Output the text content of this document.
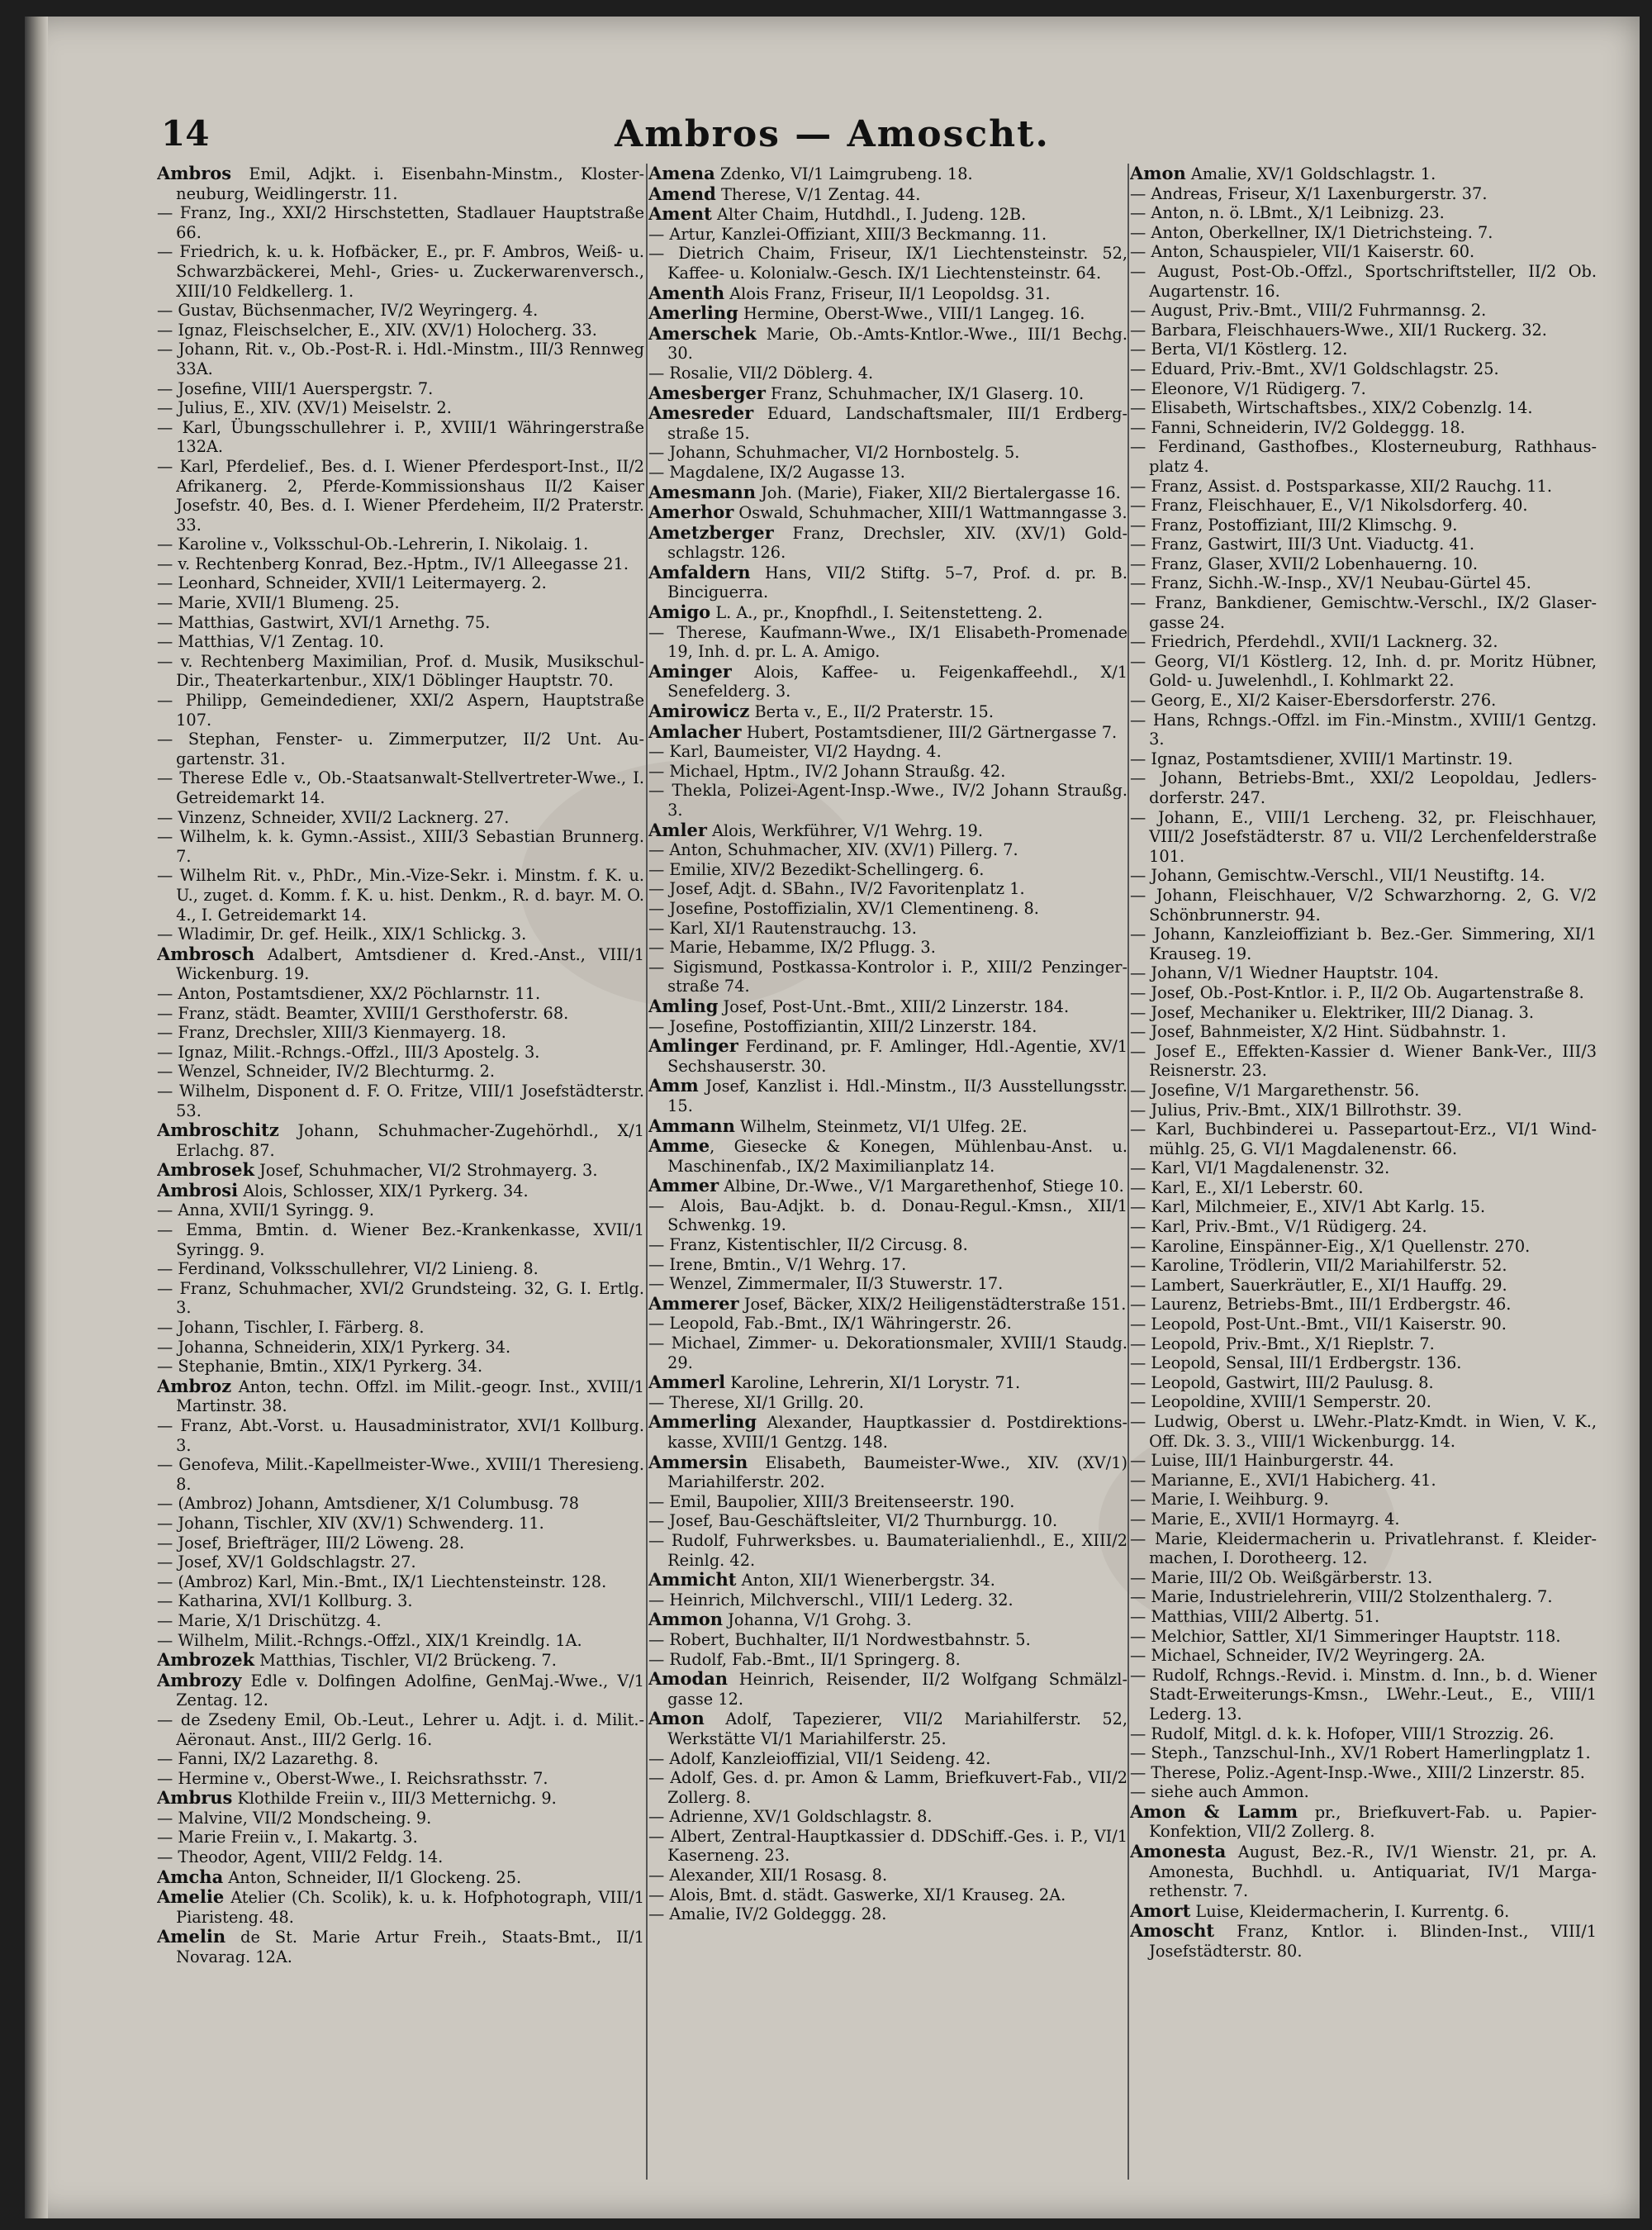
14	Ambros — Amoscht.
Ambros Emil, Adjkt. i. Eisenbahn-Minstm., Klosterneuburg, Weidlingerstr. 11.
— Franz, Ing., XXI/2 Hirschstetten, Stadlauer Hauptstraße 66.
— Friedrich, k. u. k. Hofbäcker, E., pr. F. Ambros, Weiß- u. Schwarzbäckerei, Mehl-, Gries- u. Zuckerwarenversch., XIII/10 Feldkellerg. 1.
— Gustav, Büchsenmacher, IV/2 Weyringerg. 4.
— Ignaz, Fleischselcher, E., XIV. (XV/1) Holocherg. 33.
— Johann, Rit. v., Ob.-Post-R. i. Hdl.-Minstm., III/3 Rennweg 33A.
— Josefine, VIII/1 Auerspergstr. 7.
— Julius, E., XIV. (XV/1) Meiselstr. 2.
— Karl, Übungsschullehrer i. P., XVIII/1 Währingerstraße 132A.
— Karl, Pferdelief., Bes. d. I. Wiener Pferdesport-Inst., II/2 Afrikanerg. 2, Pferde-Kommissionshaus II/2 Kaiser Josefstr. 40, Bes. d. I. Wiener Pferdeheim, II/2 Praterstr. 33.
— Karoline v., Volksschul-Ob.-Lehrerin, I. Nikolaig. 1.
— v. Rechtenberg Konrad, Bez.-Hptm., IV/1 Alleegasse 21.
— Leonhard, Schneider, XVII/1 Leitermayerg. 2.
— Marie, XVII/1 Blumeng. 25.
— Matthias, Gastwirt, XVI/1 Arnethg. 75.
— Matthias, V/1 Zentag. 10.
— v. Rechtenberg Maximilian, Prof. d. Musik, Musikschul-Dir., Theaterkartenbur., XIX/1 Döblinger Hauptstr. 70.
— Philipp, Gemeindediener, XXI/2 Aspern, Hauptstraße 107.
— Stephan, Fenster- u. Zimmerputzer, II/2 Unt. Augartenstr. 31.
— Therese Edle v., Ob.-Staatsanwalt-Stellvertreter-Wwe., I. Getreidemarkt 14.
— Vinzenz, Schneider, XVII/2 Lacknerg. 27.
— Wilhelm, k. k. Gymn.-Assist., XIII/3 Sebastian Brunnerg. 7.
— Wilhelm Rit. v., PhDr., Min.-Vize-Sekr. i. Minstm. f. K. u. U., zuget. d. Komm. f. K. u. hist. Denkm., R. d. bayr. M. O. 4., I. Getreidemarkt 14.
— Wladimir, Dr. gef. Heilk., XIX/1 Schlickg. 3.
Ambrosch Adalbert, Amtsdiener d. Kred.-Anst., VIII/1 Wickenburg. 19.
— Anton, Postamtsdiener, XX/2 Pöchlarnstr. 11.
— Franz, städt. Beamter, XVIII/1 Gersthoferstr. 68.
— Franz, Drechsler, XIII/3 Kienmayerg. 18.
— Ignaz, Milit.-Rchngs.-Offzl., III/3 Apostelg. 3.
— Wenzel, Schneider, IV/2 Blechturmg. 2.
— Wilhelm, Disponent d. F. O. Fritze, VIII/1 Josefstädterstr. 53.
Ambroschitz Johann, Schuhmacher-Zugehörhdl., X/1 Erlachg. 87.
Ambrosek Josef, Schuhmacher, VI/2 Strohmayerg. 3.
Ambrosi Alois, Schlosser, XIX/1 Pyrkerg. 34.
— Anna, XVII/1 Syringg. 9.
— Emma, Bmtin. d. Wiener Bez.-Krankenkasse, XVII/1 Syringg. 9.
— Ferdinand, Volksschullehrer, VI/2 Linieng. 8.
— Franz, Schuhmacher, XVI/2 Grundsteing. 32, G. I. Ertlg. 3.
— Johann, Tischler, I. Färberg. 8.
— Johanna, Schneiderin, XIX/1 Pyrkerg. 34.
— Stephanie, Bmtin., XIX/1 Pyrkerg. 34.
Ambroz Anton, techn. Offzl. im Milit.-geogr. Inst., XVIII/1 Martinstr. 38.
— Franz, Abt.-Vorst. u. Hausadministrator, XVI/1 Kollburg. 3.
— Genofeva, Milit.-Kapellmeister-Wwe., XVIII/1 Theresieng. 8.
— (Ambroz) Johann, Amtsdiener, X/1 Columbusg. 78
— Johann, Tischler, XIV (XV/1) Schwenderg. 11.
— Josef, Briefträger, III/2 Löweng. 28.
— Josef, XV/1 Goldschlagstr. 27.
— (Ambroz) Karl, Min.-Bmt., IX/1 Liechtensteinstr. 128.
— Katharina, XVI/1 Kollburg. 3.
— Marie, X/1 Drischützg. 4.
— Wilhelm, Milit.-Rchngs.-Offzl., XIX/1 Kreindlg. 1A.
Ambrozek Matthias, Tischler, VI/2 Brückeng. 7.
Ambrozy Edle v. Dolfingen Adolfine, GenMaj.-Wwe., V/1 Zentag. 12.
— de Zsedeny Emil, Ob.-Leut., Lehrer u. Adjt. i. d. Milit.-Aëronaut. Anst., III/2 Gerlg. 16.
— Fanni, IX/2 Lazarethg. 8.
— Hermine v., Oberst-Wwe., I. Reichsrathsstr. 7.
Ambrus Klothilde Freiin v., III/3 Metternichg. 9.
— Malvine, VII/2 Mondscheing. 9.
— Marie Freiin v., I. Makartg. 3.
— Theodor, Agent, VIII/2 Feldg. 14.
Amcha Anton, Schneider, II/1 Glockeng. 25.
Amelie Atelier (Ch. Scolik), k. u. k. Hofphotograph, VIII/1 Piaristeng. 48.
Amelin de St. Marie Artur Freih., Staats-Bmt., II/1 Novarag. 12A.
Amena Zdenko, VI/1 Laimgrubeng. 18.
Amend Therese, V/1 Zentag. 44.
Ament Alter Chaim, Hutdhdl., I. Judeng. 12B.
— Artur, Kanzlei-Offiziant, XIII/3 Beckmanng. 11.
— Dietrich Chaim, Friseur, IX/1 Liechtensteinstr. 52, Kaffee- u. Kolonialw.-Gesch. IX/1 Liechtensteinstr. 64.
Amenth Alois Franz, Friseur, II/1 Leopoldsg. 31.
Amerling Hermine, Oberst-Wwe., VIII/1 Langeg. 16.
Amerschek Marie, Ob.-Amts-Kntlor.-Wwe., III/1 Bechg. 30.
— Rosalie, VII/2 Döblerg. 4.
Amesberger Franz, Schuhmacher, IX/1 Glaserg. 10.
Amesreder Eduard, Landschaftsmaler, III/1 Erdbergstraße 15.
— Johann, Schuhmacher, VI/2 Hornbostelg. 5.
— Magdalene, IX/2 Augasse 13.
Amesmann Joh. (Marie), Fiaker, XII/2 Biertalergasse 16.
Amerhor Oswald, Schuhmacher, XIII/1 Wattmanngasse 3.
Ametzberger Franz, Drechsler, XIV. (XV/1) Goldschlagstr. 126.
Amfaldern Hans, VII/2 Stiftg. 5–7, Prof. d. pr. B. Binciguerra.
Amigo L. A., pr., Knopfhdl., I. Seitenstetteng. 2.
— Therese, Kaufmann-Wwe., IX/1 Elisabeth-Promenade 19, Inh. d. pr. L. A. Amigo.
Aminger Alois, Kaffee- u. Feigenkaffeehdl., X/1 Senefelderg. 3.
Amirowicz Berta v., E., II/2 Praterstr. 15.
Amlacher Hubert, Postamtsdiener, III/2 Gärtnergasse 7.
— Karl, Baumeister, VI/2 Haydng. 4.
— Michael, Hptm., IV/2 Johann Straußg. 42.
— Thekla, Polizei-Agent-Insp.-Wwe., IV/2 Johann Straußg. 3.
Amler Alois, Werkführer, V/1 Wehrg. 19.
— Anton, Schuhmacher, XIV. (XV/1) Pillerg. 7.
— Emilie, XIV/2 Bezedikt-Schellingerg. 6.
— Josef, Adjt. d. SBahn., IV/2 Favoritenplatz 1.
— Josefine, Postoffizialin, XV/1 Clementineng. 8.
— Karl, XI/1 Rautenstrauchg. 13.
— Marie, Hebamme, IX/2 Pflugg. 3.
— Sigismund, Postkassa-Kontrolor i. P., XIII/2 Penzingerstraße 74.
Amling Josef, Post-Unt.-Bmt., XIII/2 Linzerstr. 184.
— Josefine, Postoffiziantin, XIII/2 Linzerstr. 184.
Amlinger Ferdinand, pr. F. Amlinger, Hdl.-Agentie, XV/1 Sechshauserstr. 30.
Amm Josef, Kanzlist i. Hdl.-Minstm., II/3 Ausstellungsstr. 15.
Ammann Wilhelm, Steinmetz, VI/1 Ulfeg. 2E.
Amme, Giesecke & Konegen, Mühlenbau-Anst. u. Maschinenfab., IX/2 Maximilianplatz 14.
Ammer Albine, Dr.-Wwe., V/1 Margarethenhof, Stiege 10.
— Alois, Bau-Adjkt. b. d. Donau-Regul.-Kmsn., XII/1 Schwenkg. 19.
— Franz, Kistentischler, II/2 Circusg. 8.
— Irene, Bmtin., V/1 Wehrg. 17.
— Wenzel, Zimmermaler, II/3 Stuwerstr. 17.
Ammerer Josef, Bäcker, XIX/2 Heiligenstädterstraße 151.
— Leopold, Fab.-Bmt., IX/1 Währingerstr. 26.
— Michael, Zimmer- u. Dekorationsmaler, XVIII/1 Staudg. 29.
Ammerl Karoline, Lehrerin, XI/1 Lorystr. 71.
— Therese, XI/1 Grillg. 20.
Ammerling Alexander, Hauptkassier d. Postdirektionskasse, XVIII/1 Gentzg. 148.
Ammersin Elisabeth, Baumeister-Wwe., XIV. (XV/1) Mariahilferstr. 202.
— Emil, Baupolier, XIII/3 Breitenseerstr. 190.
— Josef, Bau-Geschäftsleiter, VI/2 Thurnburgg. 10.
— Rudolf, Fuhrwerksbes. u. Baumaterialienhdl., E., XIII/2 Reinlg. 42.
Ammicht Anton, XII/1 Wienerbergstr. 34.
— Heinrich, Milchverschl., VIII/1 Lederg. 32.
Ammon Johanna, V/1 Grohg. 3.
— Robert, Buchhalter, II/1 Nordwestbahnstr. 5.
— Rudolf, Fab.-Bmt., II/1 Springerg. 8.
Amodan Heinrich, Reisender, II/2 Wolfgang Schmälzlgasse 12.
Amon Adolf, Tapezierer, VII/2 Mariahilferstr. 52, Werkstätte VI/1 Mariahilferstr. 25.
— Adolf, Kanzleioffizial, VII/1 Seideng. 42.
— Adolf, Ges. d. pr. Amon & Lamm, Briefkuvert-Fab., VII/2 Zollerg. 8.
— Adrienne, XV/1 Goldschlagstr. 8.
— Albert, Zentral-Hauptkassier d. DDSchiff.-Ges. i. P., VI/1 Kaserneng. 23.
— Alexander, XII/1 Rosasg. 8.
— Alois, Bmt. d. städt. Gaswerke, XI/1 Krauseg. 2A.
— Amalie, IV/2 Goldeggg. 28.
Amon Amalie, XV/1 Goldschlagstr. 1.
— Andreas, Friseur, X/1 Laxenburgerstr. 37.
— Anton, n. ö. LBmt., X/1 Leibnizg. 23.
— Anton, Oberkellner, IX/1 Dietrichsteing. 7.
— Anton, Schauspieler, VII/1 Kaiserstr. 60.
— August, Post-Ob.-Offzl., Sportschriftsteller, II/2 Ob. Augartenstr. 16.
— August, Priv.-Bmt., VIII/2 Fuhrmannsg. 2.
— Barbara, Fleischhauers-Wwe., XII/1 Ruckerg. 32.
— Berta, VI/1 Köstlerg. 12.
— Eduard, Priv.-Bmt., XV/1 Goldschlagstr. 25.
— Eleonore, V/1 Rüdigerg. 7.
— Elisabeth, Wirtschaftsbes., XIX/2 Cobenzlg. 14.
— Fanni, Schneiderin, IV/2 Goldeggg. 18.
— Ferdinand, Gasthofbes., Klosterneuburg, Rathhausplatz 4.
— Franz, Assist. d. Postsparkasse, XII/2 Rauchg. 11.
— Franz, Fleischhauer, E., V/1 Nikolsdorferg. 40.
— Franz, Postoffiziant, III/2 Klimschg. 9.
— Franz, Gastwirt, III/3 Unt. Viaductg. 41.
— Franz, Glaser, XVII/2 Lobenhauerng. 10.
— Franz, Sichh.-W.-Insp., XV/1 Neubau-Gürtel 45.
— Franz, Bankdiener, Gemischtw.-Verschl., IX/2 Glasergasse 24.
— Friedrich, Pferdehdl., XVII/1 Lacknerg. 32.
— Georg, VI/1 Köstlerg. 12, Inh. d. pr. Moritz Hübner, Gold- u. Juwelenhdl., I. Kohlmarkt 22.
— Georg, E., XI/2 Kaiser-Ebersdorferstr. 276.
— Hans, Rchngs.-Offzl. im Fin.-Minstm., XVIII/1 Gentzg. 3.
— Ignaz, Postamtsdiener, XVIII/1 Martinstr. 19.
— Johann, Betriebs-Bmt., XXI/2 Leopoldau, Jedlersdorferstr. 247.
— Johann, E., VIII/1 Lercheng. 32, pr. Fleischhauer, VIII/2 Josefstädterstr. 87 u. VII/2 Lerchenfelderstraße 101.
— Johann, Gemischtw.-Verschl., VII/1 Neustiftg. 14.
— Johann, Fleischhauer, V/2 Schwarzhorng. 2, G. V/2 Schönbrunnerstr. 94.
— Johann, Kanzleioffiziant b. Bez.-Ger. Simmering, XI/1 Krauseg. 19.
— Johann, V/1 Wiedner Hauptstr. 104.
— Josef, Ob.-Post-Kntlor. i. P., II/2 Ob. Augartenstraße 8.
— Josef, Mechaniker u. Elektriker, III/2 Dianag. 3.
— Josef, Bahnmeister, X/2 Hint. Südbahnstr. 1.
— Josef E., Effekten-Kassier d. Wiener Bank-Ver., III/3 Reisnerstr. 23.
— Josefine, V/1 Margarethenstr. 56.
— Julius, Priv.-Bmt., XIX/1 Billrothstr. 39.
— Karl, Buchbinderei u. Passepartout-Erz., VI/1 Windmühlg. 25, G. VI/1 Magdalenenstr. 66.
— Karl, VI/1 Magdalenenstr. 32.
— Karl, E., XI/1 Leberstr. 60.
— Karl, Milchmeier, E., XIV/1 Abt Karlg. 15.
— Karl, Priv.-Bmt., V/1 Rüdigerg. 24.
— Karoline, Einspänner-Eig., X/1 Quellenstr. 270.
— Karoline, Trödlerin, VII/2 Mariahilferstr. 52.
— Lambert, Sauerkräutler, E., XI/1 Hauffg. 29.
— Laurenz, Betriebs-Bmt., III/1 Erdbergstr. 46.
— Leopold, Post-Unt.-Bmt., VII/1 Kaiserstr. 90.
— Leopold, Priv.-Bmt., X/1 Rieplstr. 7.
— Leopold, Sensal, III/1 Erdbergstr. 136.
— Leopold, Gastwirt, III/2 Paulusg. 8.
— Leopoldine, XVIII/1 Semperstr. 20.
— Ludwig, Oberst u. LWehr.-Platz-Kmdt. in Wien, V. K., Off. Dk. 3. 3., VIII/1 Wickenburgg. 14.
— Luise, III/1 Hainburgerstr. 44.
— Marianne, E., XVI/1 Habicherg. 41.
— Marie, I. Weihburg. 9.
— Marie, E., XVII/1 Hormayrg. 4.
— Marie, Kleidermacherin u. Privatlehranst. f. Kleidermachen, I. Dorotheerg. 12.
— Marie, III/2 Ob. Weißgärberstr. 13.
— Marie, Industrielehrerin, VIII/2 Stolzenthalerg. 7.
— Matthias, VIII/2 Albertg. 51.
— Melchior, Sattler, XI/1 Simmeringer Hauptstr. 118.
— Michael, Schneider, IV/2 Weyringerg. 2A.
— Rudolf, Rchngs.-Revid. i. Minstm. d. Inn., b. d. Wiener Stadt-Erweiterungs-Kmsn., LWehr.-Leut., E., VIII/1 Lederg. 13.
— Rudolf, Mitgl. d. k. k. Hofoper, VIII/1 Strozzig. 26.
— Steph., Tanzschul-Inh., XV/1 Robert Hamerlingplatz 1.
— Therese, Poliz.-Agent-Insp.-Wwe., XIII/2 Linzerstr. 85.
— siehe auch Ammon.
Amon & Lamm pr., Briefkuvert-Fab. u. Papier-Konfektion, VII/2 Zollerg. 8.
Amonesta August, Bez.-R., IV/1 Wienstr. 21, pr. A. Amonesta, Buchhdl. u. Antiquariat, IV/1 Margarethenstr. 7.
Amort Luise, Kleidermacherin, I. Kurrentg. 6.
Amoscht Franz, Kntlor. i. Blinden-Inst., VIII/1 Josefstädterstr. 80.
